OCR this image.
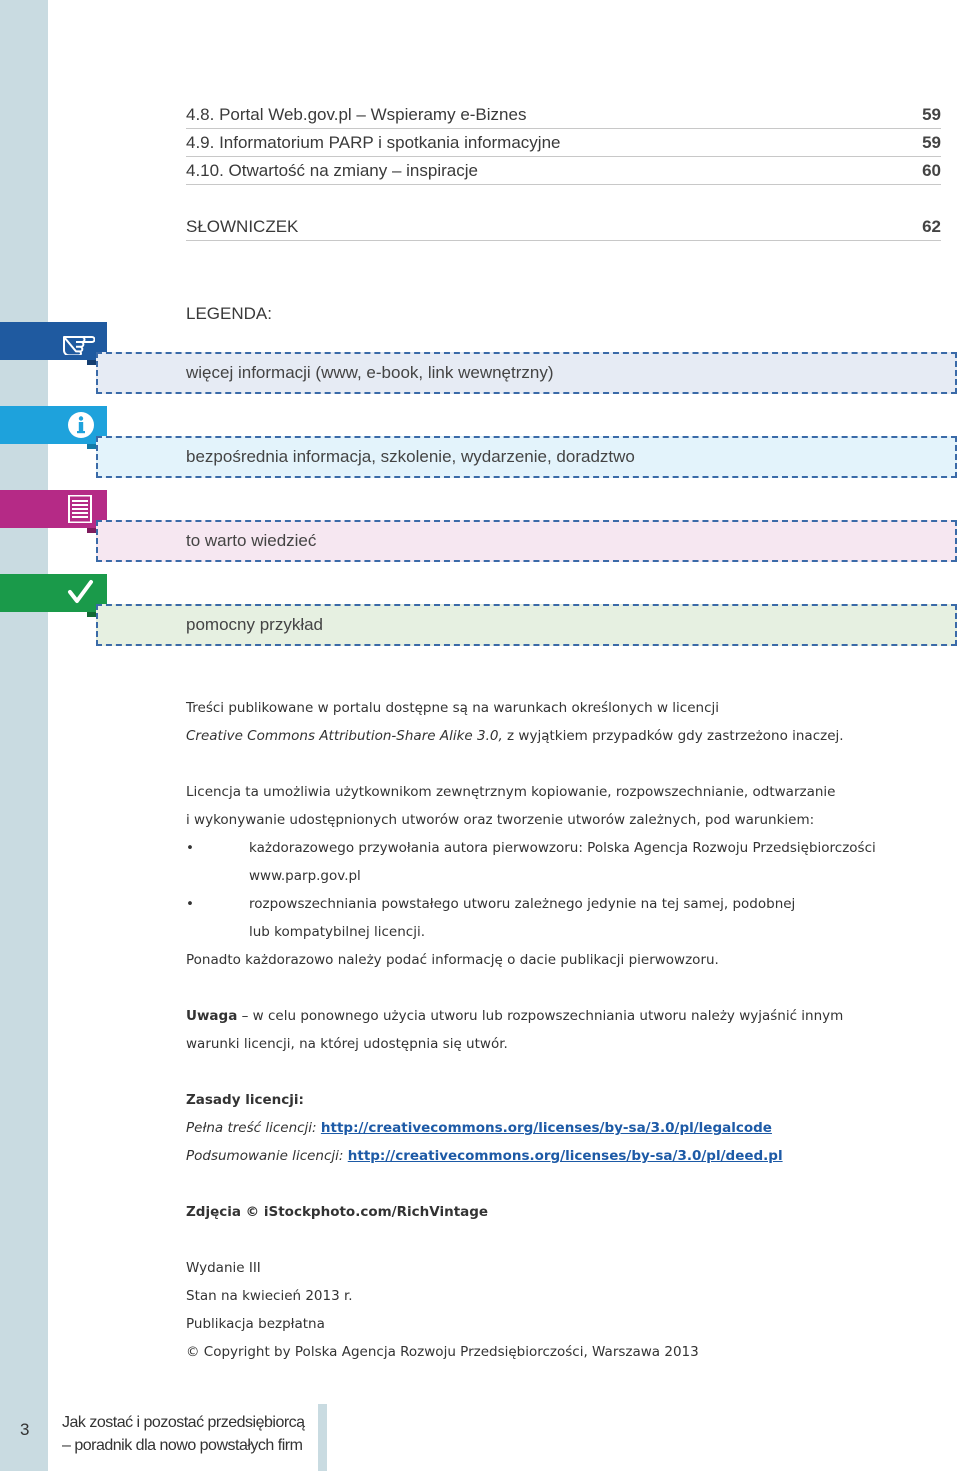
4.8. Portal Web.gov.pl – Wspieramy e-Biznes	59
4.9. Informatorium PARP i spotkania informacyjne	59
4.10. Otwartość na zmiany – inspiracje	60
SŁOWNICZEK	62
LEGENDA:
więcej informacji (www, e-book, link wewnętrzny)
bezpośrednia informacja, szkolenie, wydarzenie, doradztwo
to warto wiedzieć
pomocny przykład
Treści publikowane w portalu dostępne są na warunkach określonych w licencji
Creative Commons Attribution-Share Alike 3.0, z wyjątkiem przypadków gdy zastrzeżono inaczej.
Licencja ta umożliwia użytkownikom zewnętrznym kopiowanie, rozpowszechnianie, odtwarzanie
i wykonywanie udostępnionych utworów oraz tworzenie utworów zależnych, pod warunkiem:
•	każdorazowego przywołania autora pierwowzoru: Polska Agencja Rozwoju Przedsiębiorczości
www.parp.gov.pl
•	rozpowszechniania powstałego utworu zależnego jedynie na tej samej, podobnej
lub kompatybilnej licencji.
Ponadto każdorazowo należy podać informację o dacie publikacji pierwowzoru.
Uwaga – w celu ponownego użycia utworu lub rozpowszechniania utworu należy wyjaśnić innym
warunki licencji, na której udostępnia się utwór.
Zasady licencji:
Pełna treść licencji: http://creativecommons.org/licenses/by-sa/3.0/pl/legalcode
Podsumowanie licencji: http://creativecommons.org/licenses/by-sa/3.0/pl/deed.pl
Zdjęcia © iStockphoto.com/RichVintage
Wydanie III
Stan na kwiecień 2013 r.
Publikacja bezpłatna
© Copyright by Polska Agencja Rozwoju Przedsiębiorczości, Warszawa 2013
3 Jak zostać i pozostać przedsiębiorcą
– poradnik dla nowo powstałych firm
